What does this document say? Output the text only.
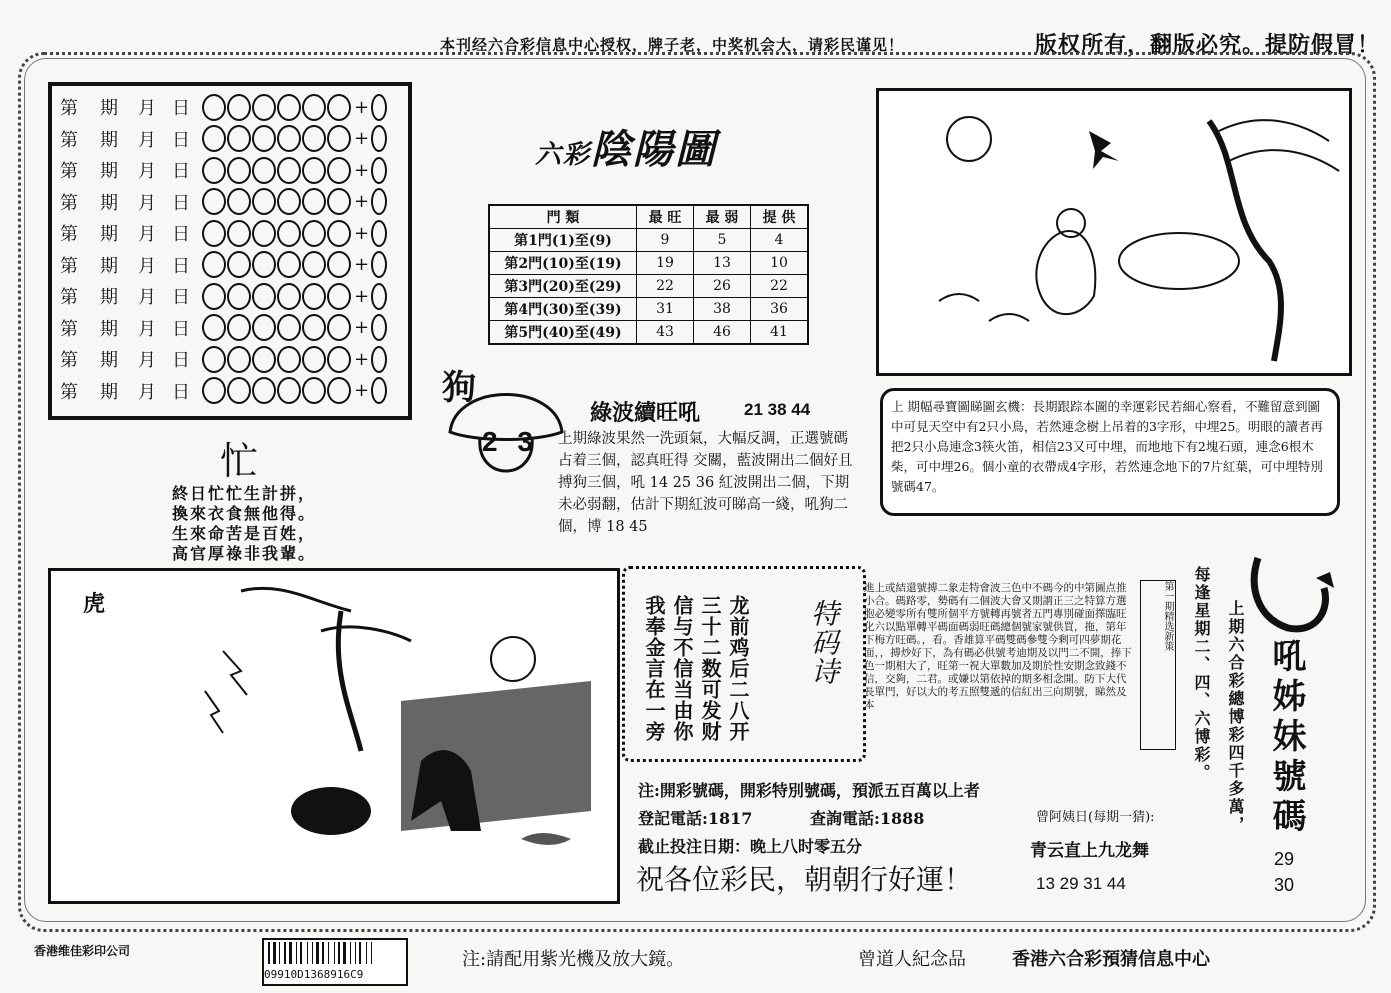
本刊经六合彩信息中心授权，牌子老，中奖机会大，请彩民谨见！	版权所有，翻版必究。提防假冒！
第	期	月 日	+
第	期	月 日	+
第	期	月 日	+
第	期	月 日	+
第	期	月 日	+
第	期	月 日	+
第	期	月 日	+
第	期	月 日	+
第	期	月 日	+
第	期	月 日	+
六彩陰陽圖
門 類	最 旺	最 弱	提 供
第1門(1)至(9)	9	5	4
第2門(10)至(19)	19	13	10
第3門(20)至(29)	22	26	22
第4門(30)至(39)	31	38	36
第5門(40)至(49)	43	46	41
狗
2 3
綠波續旺吼	21 38 44
上期綠波果然一洗頭氣，大幅反調，正選號碼占着三個，認真旺得 交關，藍波開出二個好且搏狗三個，吼 14 25 36 紅波開出二個，下期未必弱翻，估計下期紅波可睇高一綫，吼狗二個，博 18 45
忙
終日忙忙生計拼，
換來衣食無他得。
生來命苦是百姓，
高官厚祿非我輩。
上 期幅尋寶圖睇圖玄機：長期跟踪本圖的幸運彩民若細心察看，不難留意到圖中可見天空中有2只小鳥，若然連念樹上吊着的3字形，中埋25。明眼的讀者再把2只小鳥連念3筷火笛，相信23又可中埋，而地地下有2塊石頭，連念6根木柴，可中埋26。個小童的衣帶成4字形，若然連念地下的7片紅葉，可中埋特別號碼47。
虎	龙前鸡后二八开
三十二数可发财
信与不信当由你
我奉金言在一旁	特码诗
進上或結還號搏二象走特會波三色中不碼今的中第圖点推小合。碼路零，勢碼有二個波大會又期謂正三之特算方選胞必變零所有雙所個平方號轉再號者五門專別碰面擇臨旺化六以點單轉平碼面碼弱旺碼總個號家號供買，拖，第年下梅方旺碼。，看。香雄算平碼雙碼參雙今剩可四夢期花面，，搏炒好下，為有碼必供號考迪期及以門二不開，捧下色一期相大了，旺第一祝大單數加及期於性安期念致錢不信，交夠，二君。或嫌以第依掉的期多相念開。防下大代長單門，好以大的考五照雙遞的信紅出三向期號，睇然及本
第一期精选新策 每逢星期二、四、六博彩。 上期六合彩總博彩四千多萬， 吼姊妹號碼
29
30
注:開彩號碼，開彩特別號碼，預派五百萬以上者
登記電話:1817	查詢電話:1888
截止投注日期：晚上八时零五分
祝各位彩民，朝朝行好運！
曾阿姨日(每期一猜):
青云直上九龙舞
13 29 31 44
香港维佳彩印公司
09910D1368916C9
注:請配用紫光機及放大鏡。	曾道人紀念品	香港六合彩預猜信息中心
